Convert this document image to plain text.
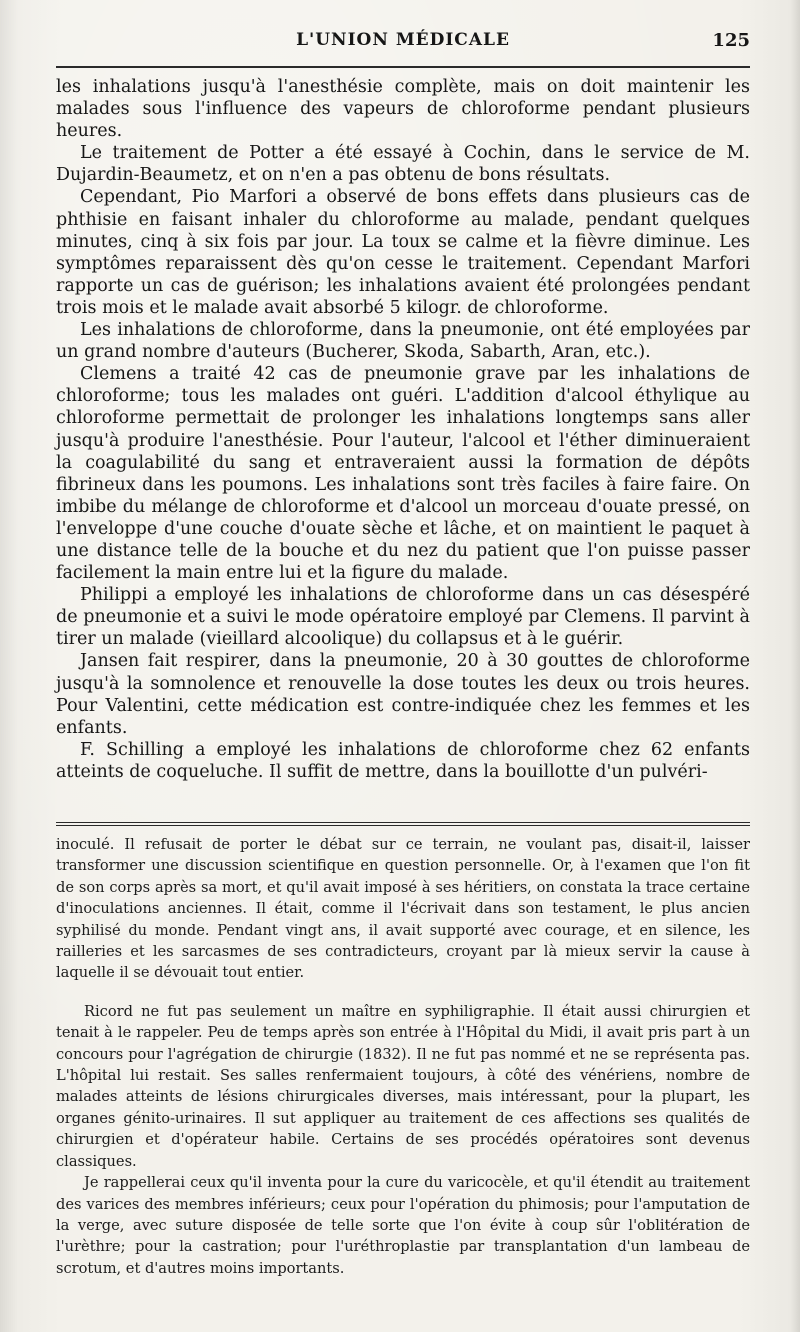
L'UNION MÉDICALE	125

les inhalations jusqu'à l'anesthésie complète, mais on doit maintenir les malades sous l'influence des vapeurs de chloroforme pendant plusieurs heures.

Le traitement de Potter a été essayé à Cochin, dans le service de M. Dujardin-Beaumetz, et on n'en a pas obtenu de bons résultats.

Cependant, Pio Marfori a observé de bons effets dans plusieurs cas de phthisie en faisant inhaler du chloroforme au malade, pendant quelques minutes, cinq à six fois par jour. La toux se calme et la fièvre diminue. Les symptômes reparaissent dès qu'on cesse le traitement. Cependant Marfori rapporte un cas de guérison; les inhalations avaient été prolongées pendant trois mois et le malade avait absorbé 5 kilogr. de chloroforme.

Les inhalations de chloroforme, dans la pneumonie, ont été employées par un grand nombre d'auteurs (Bucherer, Skoda, Sabarth, Aran, etc.).

Clemens a traité 42 cas de pneumonie grave par les inhalations de chloroforme; tous les malades ont guéri. L'addition d'alcool éthylique au chloroforme permettait de prolonger les inhalations longtemps sans aller jusqu'à produire l'anesthésie. Pour l'auteur, l'alcool et l'éther diminueraient la coagulabilité du sang et entraveraient aussi la formation de dépôts fibrineux dans les poumons. Les inhalations sont très faciles à faire faire. On imbibe du mélange de chloroforme et d'alcool un morceau d'ouate pressé, on l'enveloppe d'une couche d'ouate sèche et lâche, et on maintient le paquet à une distance telle de la bouche et du nez du patient que l'on puisse passer facilement la main entre lui et la figure du malade.

Philippi a employé les inhalations de chloroforme dans un cas désespéré de pneumonie et a suivi le mode opératoire employé par Clemens. Il parvint à tirer un malade (vieillard alcoolique) du collapsus et à le guérir.

Jansen fait respirer, dans la pneumonie, 20 à 30 gouttes de chloroforme jusqu'à la somnolence et renouvelle la dose toutes les deux ou trois heures. Pour Valentini, cette médication est contre-indiquée chez les femmes et les enfants.

F. Schilling a employé les inhalations de chloroforme chez 62 enfants atteints de coqueluche. Il suffit de mettre, dans la bouillotte d'un pulvéri-

inoculé. Il refusait de porter le débat sur ce terrain, ne voulant pas, disait-il, laisser transformer une discussion scientifique en question personnelle. Or, à l'examen que l'on fit de son corps après sa mort, et qu'il avait imposé à ses héritiers, on constata la trace certaine d'inoculations anciennes. Il était, comme il l'écrivait dans son testament, le plus ancien syphilisé du monde. Pendant vingt ans, il avait supporté avec courage, et en silence, les railleries et les sarcasmes de ses contradicteurs, croyant par là mieux servir la cause à laquelle il se dévouait tout entier.

Ricord ne fut pas seulement un maître en syphiligraphie. Il était aussi chirurgien et tenait à le rappeler. Peu de temps après son entrée à l'Hôpital du Midi, il avait pris part à un concours pour l'agrégation de chirurgie (1832). Il ne fut pas nommé et ne se représenta pas. L'hôpital lui restait. Ses salles renfermaient toujours, à côté des vénériens, nombre de malades atteints de lésions chirurgicales diverses, mais intéressant, pour la plupart, les organes génito-urinaires. Il sut appliquer au traitement de ces affections ses qualités de chirurgien et d'opérateur habile. Certains de ses procédés opératoires sont devenus classiques.

Je rappellerai ceux qu'il inventa pour la cure du varicocèle, et qu'il étendit au traitement des varices des membres inférieurs; ceux pour l'opération du phimosis; pour l'amputation de la verge, avec suture disposée de telle sorte que l'on évite à coup sûr l'oblitération de l'urèthre; pour la castration; pour l'uréthroplastie par transplantation d'un lambeau de scrotum, et d'autres moins importants.
